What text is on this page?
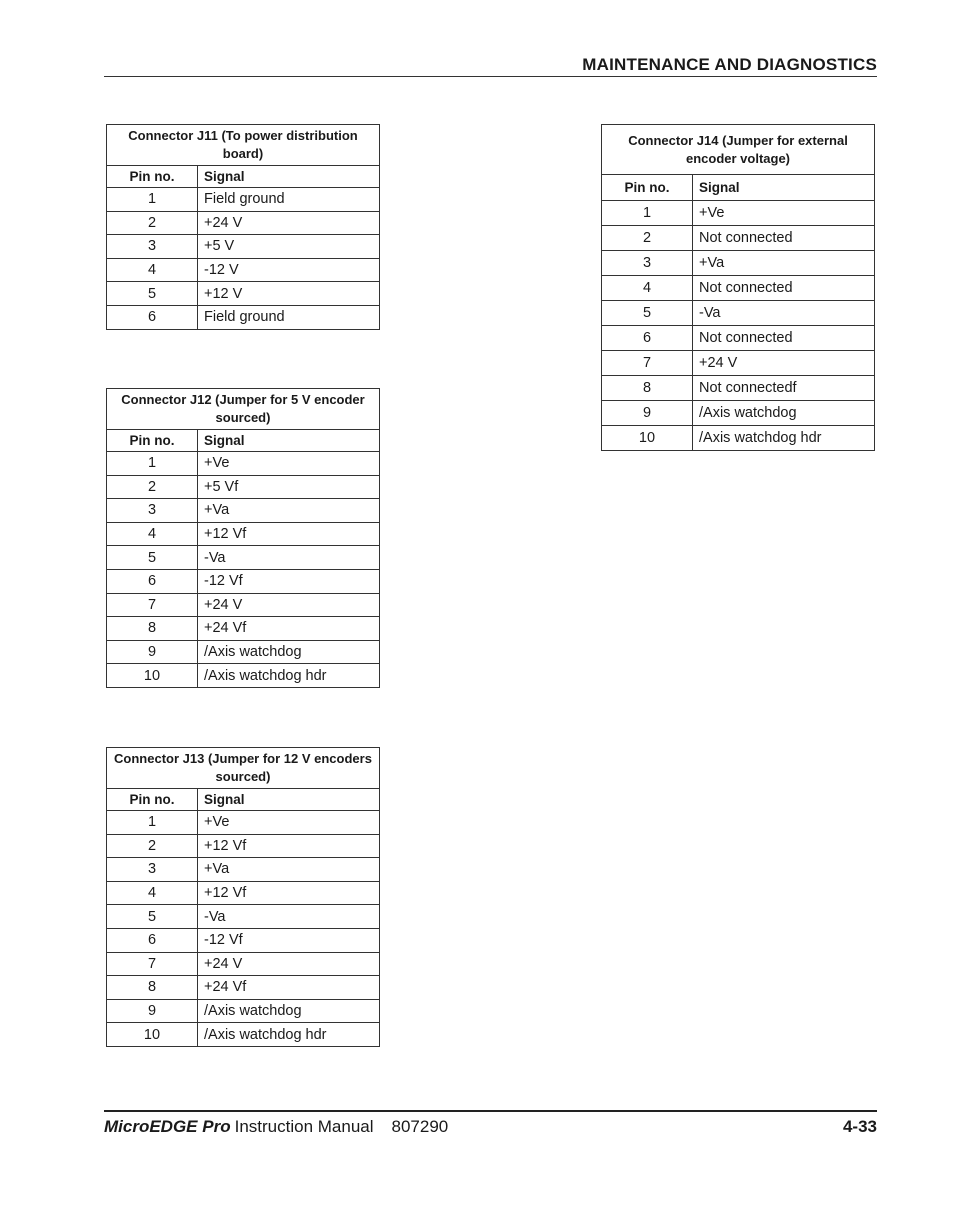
MAINTENANCE AND DIAGNOSTICS
Connector J11 (To power distribution board)	
Pin no.	Signal
1	Field ground
2	+24 V
3	+5 V
4	-12 V
5	+12 V
6	Field ground
Connector J12 (Jumper for 5 V encoder sourced)	
Pin no.	Signal
1	+Ve
2	+5 Vf
3	+Va
4	+12 Vf
5	-Va
6	-12 Vf
7	+24 V
8	+24 Vf
9	/Axis watchdog
10	/Axis watchdog hdr
Connector J13 (Jumper for 12 V encoders sourced)	
Pin no.	Signal
1	+Ve
2	+12 Vf
3	+Va
4	+12 Vf
5	-Va
6	-12 Vf
7	+24 V
8	+24 Vf
9	/Axis watchdog
10	/Axis watchdog hdr
Connector J14 (Jumper for external encoder voltage)	
Pin no.	Signal
1	+Ve
2	Not connected
3	+Va
4	Not connected
5	-Va
6	Not connected
7	+24 V
8	Not connectedf
9	/Axis watchdog
10	/Axis watchdog hdr
MicroEDGE Pro Instruction Manual 807290	4-33
